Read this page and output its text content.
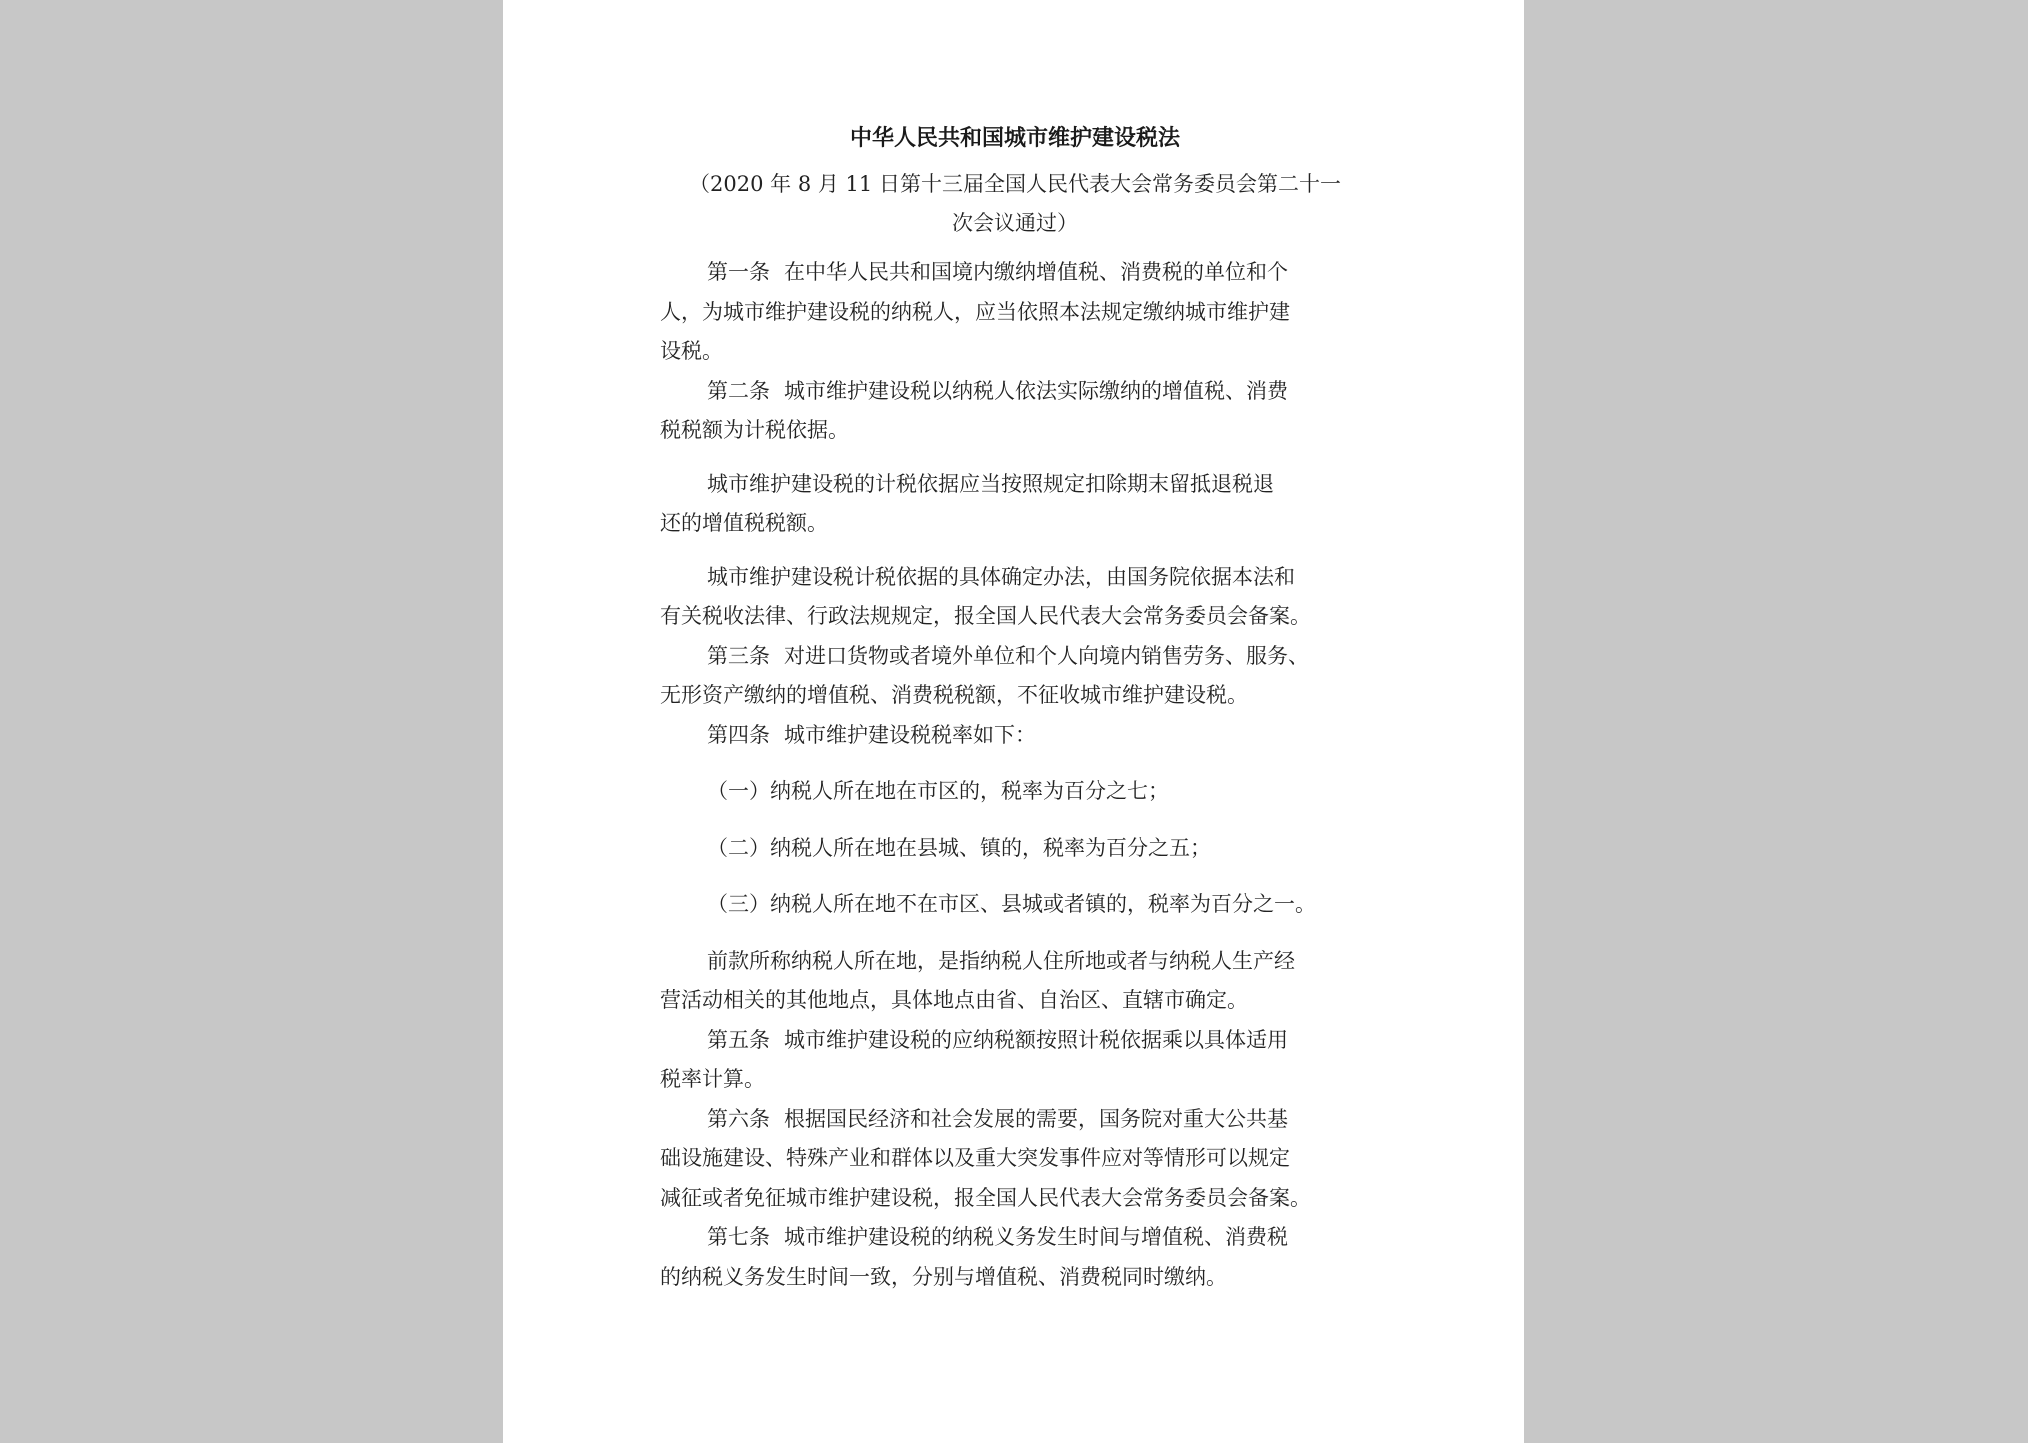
中华人民共和国城市维护建设税法
（2020 年 8 月 11 日第十三届全国人民代表大会常务委员会第二十一
次会议通过）

第一条 在中华人民共和国境内缴纳增值税、消费税的单位和个
人，为城市维护建设税的纳税人，应当依照本法规定缴纳城市维护建
设税。

第二条 城市维护建设税以纳税人依法实际缴纳的增值税、消费
税税额为计税依据。

城市维护建设税的计税依据应当按照规定扣除期末留抵退税退
还的增值税税额。

城市维护建设税计税依据的具体确定办法，由国务院依据本法和
有关税收法律、行政法规规定，报全国人民代表大会常务委员会备案。

第三条 对进口货物或者境外单位和个人向境内销售劳务、服务、
无形资产缴纳的增值税、消费税税额，不征收城市维护建设税。

第四条 城市维护建设税税率如下：

（一）纳税人所在地在市区的，税率为百分之七；

（二）纳税人所在地在县城、镇的，税率为百分之五；

（三）纳税人所在地不在市区、县城或者镇的，税率为百分之一。

前款所称纳税人所在地，是指纳税人住所地或者与纳税人生产经
营活动相关的其他地点，具体地点由省、自治区、直辖市确定。

第五条 城市维护建设税的应纳税额按照计税依据乘以具体适用
税率计算。

第六条 根据国民经济和社会发展的需要，国务院对重大公共基
础设施建设、特殊产业和群体以及重大突发事件应对等情形可以规定
减征或者免征城市维护建设税，报全国人民代表大会常务委员会备案。

第七条 城市维护建设税的纳税义务发生时间与增值税、消费税
的纳税义务发生时间一致，分别与增值税、消费税同时缴纳。
